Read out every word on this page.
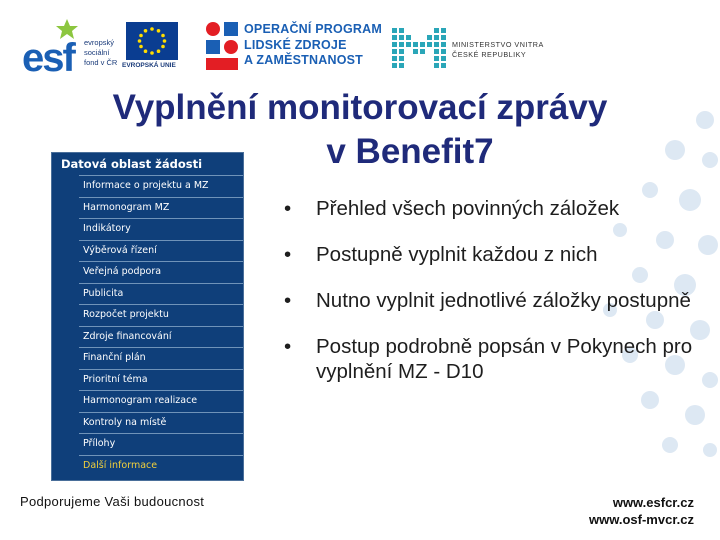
esf evropský
sociální
fond v ČR EVROPSKÁ UNIE
OPERAČNÍ PROGRAM
LIDSKÉ ZDROJE
A ZAMĚSTNANOST
MINISTERSTVO VNITRA
ČESKÉ REPUBLIKY
Vyplnění monitorovací zprávy
v Benefit7
Datová oblast žádosti
Informace o projektu a MZ
Harmonogram MZ
Indikátory
Výběrová řízení
Veřejná podpora
Publicita
Rozpočet projektu
Zdroje financování
Finanční plán
Prioritní téma
Harmonogram realizace
Kontroly na místě
Přílohy
Další informace
• Přehled všech povinných záložek
• Postupně vyplnit každou z nich
• Nutno vyplnit jednotlivé záložky postupně
• Postup podrobně popsán v Pokynech pro vyplnění MZ - D10
Podporujeme Vaši budoucnost	www.esfcr.cz
www.osf-mvcr.cz
